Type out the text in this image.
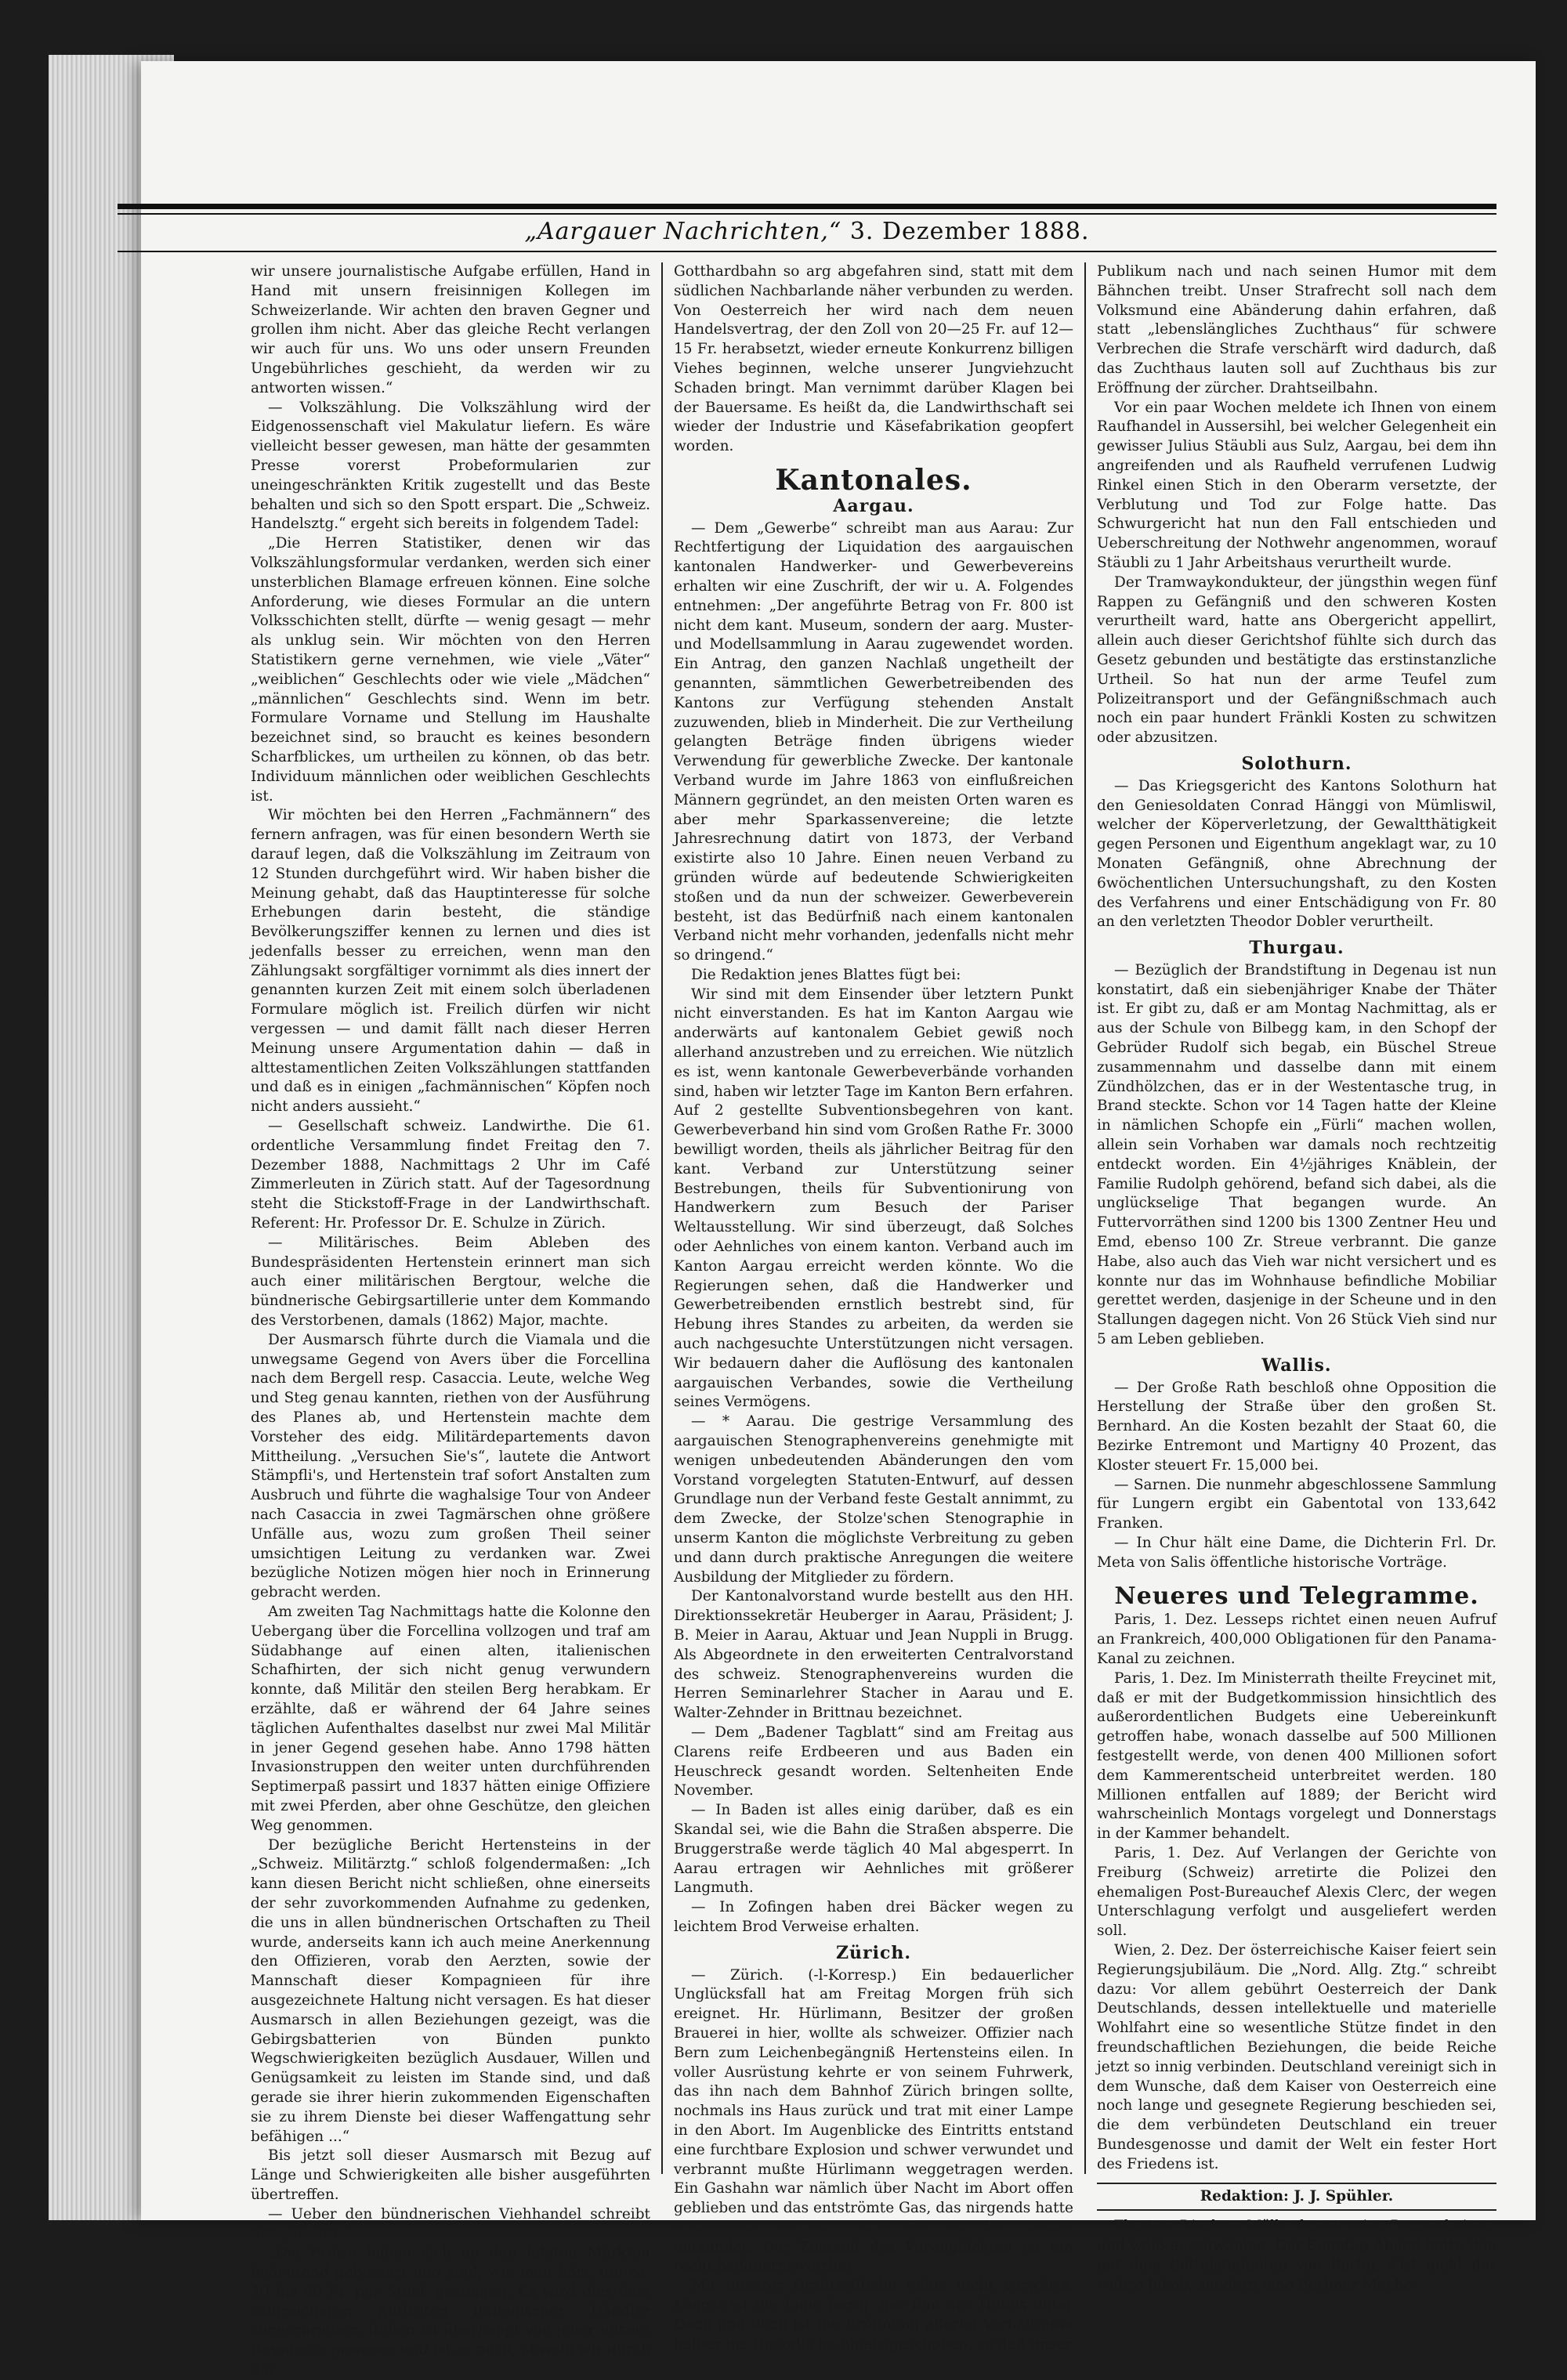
„Aargauer Nachrichten,“ 3. Dezember 1888.

wir unsere journalistische Aufgabe erfüllen, Hand in Hand mit unsern freisinnigen Kollegen im Schweizerlande. Wir achten den braven Gegner und grollen ihm nicht. Aber das gleiche Recht verlangen wir auch für uns. Wo uns oder unsern Freunden Ungebührliches geschieht, da werden wir zu antworten wissen.“

— Volkszählung. Die Volkszählung wird der Eidgenossenschaft viel Makulatur liefern. Es wäre vielleicht besser gewesen, man hätte der gesammten Presse vorerst Probeformularien zur uneingeschränkten Kritik zugestellt und das Beste behalten und sich so den Spott erspart. Die „Schweiz. Handelsztg.“ ergeht sich bereits in folgendem Tadel:

„Die Herren Statistiker, denen wir das Volkszählungsformular verdanken, werden sich einer unsterblichen Blamage erfreuen können. Eine solche Anforderung, wie dieses Formular an die untern Volksschichten stellt, dürfte — wenig gesagt — mehr als unklug sein. Wir möchten von den Herren Statistikern gerne vernehmen, wie viele „Väter“ „weiblichen“ Geschlechts oder wie viele „Mädchen“ „männlichen“ Geschlechts sind. Wenn im betr. Formulare Vorname und Stellung im Haushalte bezeichnet sind, so braucht es keines besondern Scharfblickes, um urtheilen zu können, ob das betr. Individuum männlichen oder weiblichen Geschlechts ist.

Wir möchten bei den Herren „Fachmännern“ des fernern anfragen, was für einen besondern Werth sie darauf legen, daß die Volkszählung im Zeitraum von 12 Stunden durchgeführt wird. Wir haben bisher die Meinung gehabt, daß das Hauptinteresse für solche Erhebungen darin besteht, die ständige Bevölkerungsziffer kennen zu lernen und dies ist jedenfalls besser zu erreichen, wenn man den Zählungsakt sorgfältiger vornimmt als dies innert der genannten kurzen Zeit mit einem solch überladenen Formulare möglich ist. Freilich dürfen wir nicht vergessen — und damit fällt nach dieser Herren Meinung unsere Argumentation dahin — daß in alttestamentlichen Zeiten Volkszählungen stattfanden und daß es in einigen „fachmännischen“ Köpfen noch nicht anders aussieht.“

— Gesellschaft schweiz. Landwirthe. Die 61. ordentliche Versammlung findet Freitag den 7. Dezember 1888, Nachmittags 2 Uhr im Café Zimmerleuten in Zürich statt. Auf der Tagesordnung steht die Stickstoff-Frage in der Landwirthschaft. Referent: Hr. Professor Dr. E. Schulze in Zürich.

— Militärisches. Beim Ableben des Bundespräsidenten Hertenstein erinnert man sich auch einer militärischen Bergtour, welche die bündnerische Gebirgsartillerie unter dem Kommando des Verstorbenen, damals (1862) Major, machte.

Der Ausmarsch führte durch die Viamala und die unwegsame Gegend von Avers über die Forcellina nach dem Bergell resp. Casaccia. Leute, welche Weg und Steg genau kannten, riethen von der Ausführung des Planes ab, und Hertenstein machte dem Vorsteher des eidg. Militärdepartements davon Mittheilung. „Versuchen Sie's“, lautete die Antwort Stämpfli's, und Hertenstein traf sofort Anstalten zum Ausbruch und führte die waghalsige Tour von Andeer nach Casaccia in zwei Tagmärschen ohne größere Unfälle aus, wozu zum großen Theil seiner umsichtigen Leitung zu verdanken war. Zwei bezügliche Notizen mögen hier noch in Erinnerung gebracht werden.

Am zweiten Tag Nachmittags hatte die Kolonne den Uebergang über die Forcellina vollzogen und traf am Südabhange auf einen alten, italienischen Schafhirten, der sich nicht genug verwundern konnte, daß Militär den steilen Berg herabkam. Er erzählte, daß er während der 64 Jahre seines täglichen Aufenthaltes daselbst nur zwei Mal Militär in jener Gegend gesehen habe. Anno 1798 hätten Invasionstruppen den weiter unten durchführenden Septimerpaß passirt und 1837 hätten einige Offiziere mit zwei Pferden, aber ohne Geschütze, den gleichen Weg genommen.

Der bezügliche Bericht Hertensteins in der „Schweiz. Militärztg.“ schloß folgendermaßen: „Ich kann diesen Bericht nicht schließen, ohne einerseits der sehr zuvorkommenden Aufnahme zu gedenken, die uns in allen bündnerischen Ortschaften zu Theil wurde, anderseits kann ich auch meine Anerkennung den Offizieren, vorab den Aerzten, sowie der Mannschaft dieser Kompagnieen für ihre ausgezeichnete Haltung nicht versagen. Es hat dieser Ausmarsch in allen Beziehungen gezeigt, was die Gebirgsbatterien von Bünden punkto Wegschwierigkeiten bezüglich Ausdauer, Willen und Genügsamkeit zu leisten im Stande sind, und daß gerade sie ihrer hierin zukommenden Eigenschaften sie zu ihrem Dienste bei dieser Waffengattung sehr befähigen ...“

Bis jetzt soll dieser Ausmarsch mit Bezug auf Länge und Schwierigkeiten alle bisher ausgeführten übertreffen.

— Ueber den bündnerischen Viehhandel schreibt der „Fr. Rht.“:

„Die Preise haben sich an den letzten Märkten bedeutend gebessert und sind, wie man hört, um ca. 40 bis 60 Fr. per Stück gestiegen. Es wird dies dem zahlreicheren Auftreten italienischer Händler zugeschrieben. Italien ist überhaupt von jeher unsere Ressource gewesen und ist es noch, obwohl wir durch die

Gotthardbahn so arg abgefahren sind, statt mit dem südlichen Nachbarlande näher verbunden zu werden. Von Oesterreich her wird nach dem neuen Handelsvertrag, der den Zoll von 20—25 Fr. auf 12—15 Fr. herabsetzt, wieder erneute Konkurrenz billigen Viehes beginnen, welche unserer Jungviehzucht Schaden bringt. Man vernimmt darüber Klagen bei der Bauersame. Es heißt da, die Landwirthschaft sei wieder der Industrie und Käsefabrikation geopfert worden.

Kantonales.
Aargau.

— Dem „Gewerbe“ schreibt man aus Aarau: Zur Rechtfertigung der Liquidation des aargauischen kantonalen Handwerker- und Gewerbevereins erhalten wir eine Zuschrift, der wir u. A. Folgendes entnehmen: „Der angeführte Betrag von Fr. 800 ist nicht dem kant. Museum, sondern der aarg. Muster- und Modellsammlung in Aarau zugewendet worden. Ein Antrag, den ganzen Nachlaß ungetheilt der genannten, sämmtlichen Gewerbetreibenden des Kantons zur Verfügung stehenden Anstalt zuzuwenden, blieb in Minderheit. Die zur Vertheilung gelangten Beträge finden übrigens wieder Verwendung für gewerbliche Zwecke. Der kantonale Verband wurde im Jahre 1863 von einflußreichen Männern gegründet, an den meisten Orten waren es aber mehr Sparkassenvereine; die letzte Jahresrechnung datirt von 1873, der Verband existirte also 10 Jahre. Einen neuen Verband zu gründen würde auf bedeutende Schwierigkeiten stoßen und da nun der schweizer. Gewerbeverein besteht, ist das Bedürfniß nach einem kantonalen Verband nicht mehr vorhanden, jedenfalls nicht mehr so dringend.“

Die Redaktion jenes Blattes fügt bei:

Wir sind mit dem Einsender über letztern Punkt nicht einverstanden. Es hat im Kanton Aargau wie anderwärts auf kantonalem Gebiet gewiß noch allerhand anzustreben und zu erreichen. Wie nützlich es ist, wenn kantonale Gewerbeverbände vorhanden sind, haben wir letzter Tage im Kanton Bern erfahren. Auf 2 gestellte Subventionsbegehren von kant. Gewerbeverband hin sind vom Großen Rathe Fr. 3000 bewilligt worden, theils als jährlicher Beitrag für den kant. Verband zur Unterstützung seiner Bestrebungen, theils für Subventionirung von Handwerkern zum Besuch der Pariser Weltausstellung. Wir sind überzeugt, daß Solches oder Aehnliches von einem kanton. Verband auch im Kanton Aargau erreicht werden könnte. Wo die Regierungen sehen, daß die Handwerker und Gewerbetreibenden ernstlich bestrebt sind, für Hebung ihres Standes zu arbeiten, da werden sie auch nachgesuchte Unterstützungen nicht versagen. Wir bedauern daher die Auflösung des kantonalen aargauischen Verbandes, sowie die Vertheilung seines Vermögens.

— * Aarau. Die gestrige Versammlung des aargauischen Stenographenvereins genehmigte mit wenigen unbedeutenden Abänderungen den vom Vorstand vorgelegten Statuten-Entwurf, auf dessen Grundlage nun der Verband feste Gestalt annimmt, zu dem Zwecke, der Stolze'schen Stenographie in unserm Kanton die möglichste Verbreitung zu geben und dann durch praktische Anregungen die weitere Ausbildung der Mitglieder zu fördern.

Der Kantonalvorstand wurde bestellt aus den HH. Direktionssekretär Heuberger in Aarau, Präsident; J. B. Meier in Aarau, Aktuar und Jean Nuppli in Brugg. Als Abgeordnete in den erweiterten Centralvorstand des schweiz. Stenographenvereins wurden die Herren Seminarlehrer Stacher in Aarau und E. Walter-Zehnder in Brittnau bezeichnet.

— Dem „Badener Tagblatt“ sind am Freitag aus Clarens reife Erdbeeren und aus Baden ein Heuschreck gesandt worden. Seltenheiten Ende November.

— In Baden ist alles einig darüber, daß es ein Skandal sei, wie die Bahn die Straßen absperre. Die Bruggerstraße werde täglich 40 Mal abgesperrt. In Aarau ertragen wir Aehnliches mit größerer Langmuth.

— In Zofingen haben drei Bäcker wegen zu leichtem Brod Verweise erhalten.

Zürich.

— Zürich. (-l-Korresp.) Ein bedauerlicher Unglücksfall hat am Freitag Morgen früh sich ereignet. Hr. Hürlimann, Besitzer der großen Brauerei in hier, wollte als schweizer. Offizier nach Bern zum Leichenbegängniß Hertensteins eilen. In voller Ausrüstung kehrte er von seinem Fuhrwerk, das ihn nach dem Bahnhof Zürich bringen sollte, nochmals ins Haus zurück und trat mit einer Lampe in den Abort. Im Augenblicke des Eintritts entstand eine furchtbare Explosion und schwer verwundet und verbrannt mußte Hürlimann weggetragen werden. Ein Gashahn war nämlich über Nacht im Abort offen geblieben und das entströmte Gas, das nirgends hatte entweichen können, hatte sich an der Lampe entzündet. Der Zustand des Verunglückten ist ein recht bedauernswerther.

Mit unserer Drahtseilbahn gehts nicht vorwärts. Längst ist die Linie fertig, der Bau des Hotels unter Dach und doch ist die Eröffnung allerlei Verhältnisse halber ins Unendliche hinausgeschoben, so daß unser

Publikum nach und nach seinen Humor mit dem Bähnchen treibt. Unser Strafrecht soll nach dem Volksmund eine Abänderung dahin erfahren, daß statt „lebenslängliches Zuchthaus“ für schwere Verbrechen die Strafe verschärft wird dadurch, daß das Zuchthaus lauten soll auf Zuchthaus bis zur Eröffnung der zürcher. Drahtseilbahn.

Vor ein paar Wochen meldete ich Ihnen von einem Raufhandel in Aussersihl, bei welcher Gelegenheit ein gewisser Julius Stäubli aus Sulz, Aargau, bei dem ihn angreifenden und als Raufheld verrufenen Ludwig Rinkel einen Stich in den Oberarm versetzte, der Verblutung und Tod zur Folge hatte. Das Schwurgericht hat nun den Fall entschieden und Ueberschreitung der Nothwehr angenommen, worauf Stäubli zu 1 Jahr Arbeitshaus verurtheilt wurde.

Der Tramwaykondukteur, der jüngsthin wegen fünf Rappen zu Gefängniß und den schweren Kosten verurtheilt ward, hatte ans Obergericht appellirt, allein auch dieser Gerichtshof fühlte sich durch das Gesetz gebunden und bestätigte das erstinstanzliche Urtheil. So hat nun der arme Teufel zum Polizeitransport und der Gefängnißschmach auch noch ein paar hundert Fränkli Kosten zu schwitzen oder abzusitzen.

Solothurn.

— Das Kriegsgericht des Kantons Solothurn hat den Geniesoldaten Conrad Hänggi von Mümliswil, welcher der Köperverletzung, der Gewaltthätigkeit gegen Personen und Eigenthum angeklagt war, zu 10 Monaten Gefängniß, ohne Abrechnung der 6wöchentlichen Untersuchungshaft, zu den Kosten des Verfahrens und einer Entschädigung von Fr. 80 an den verletzten Theodor Dobler verurtheilt.

Thurgau.

— Bezüglich der Brandstiftung in Degenau ist nun konstatirt, daß ein siebenjähriger Knabe der Thäter ist. Er gibt zu, daß er am Montag Nachmittag, als er aus der Schule von Bilbegg kam, in den Schopf der Gebrüder Rudolf sich begab, ein Büschel Streue zusammennahm und dasselbe dann mit einem Zündhölzchen, das er in der Westentasche trug, in Brand steckte. Schon vor 14 Tagen hatte der Kleine in nämlichen Schopfe ein „Fürli“ machen wollen, allein sein Vorhaben war damals noch rechtzeitig entdeckt worden. Ein 4½jähriges Knäblein, der Familie Rudolph gehörend, befand sich dabei, als die unglückselige That begangen wurde. An Futtervorräthen sind 1200 bis 1300 Zentner Heu und Emd, ebenso 100 Zr. Streue verbrannt. Die ganze Habe, also auch das Vieh war nicht versichert und es konnte nur das im Wohnhause befindliche Mobiliar gerettet werden, dasjenige in der Scheune und in den Stallungen dagegen nicht. Von 26 Stück Vieh sind nur 5 am Leben geblieben.

Wallis.

— Der Große Rath beschloß ohne Opposition die Herstellung der Straße über den großen St. Bernhard. An die Kosten bezahlt der Staat 60, die Bezirke Entremont und Martigny 40 Prozent, das Kloster steuert Fr. 15,000 bei.

— Sarnen. Die nunmehr abgeschlossene Sammlung für Lungern ergibt ein Gabentotal von 133,642 Franken.

— In Chur hält eine Dame, die Dichterin Frl. Dr. Meta von Salis öffentliche historische Vorträge.

Neueres und Telegramme.

Paris, 1. Dez. Lesseps richtet einen neuen Aufruf an Frankreich, 400,000 Obligationen für den Panama-Kanal zu zeichnen.

Paris, 1. Dez. Im Ministerrath theilte Freycinet mit, daß er mit der Budgetkommission hinsichtlich des außerordentlichen Budgets eine Uebereinkunft getroffen habe, wonach dasselbe auf 500 Millionen festgestellt werde, von denen 400 Millionen sofort dem Kammerentscheid unterbreitet werden. 180 Millionen entfallen auf 1889; der Bericht wird wahrscheinlich Montags vorgelegt und Donnerstags in der Kammer behandelt.

Paris, 1. Dez. Auf Verlangen der Gerichte von Freiburg (Schweiz) arretirte die Polizei den ehemaligen Post-Bureauchef Alexis Clerc, der wegen Unterschlagung verfolgt und ausgeliefert werden soll.

Wien, 2. Dez. Der österreichische Kaiser feiert sein Regierungsjubiläum. Die „Nord. Allg. Ztg.“ schreibt dazu: Vor allem gebührt Oesterreich der Dank Deutschlands, dessen intellektuelle und materielle Wohlfahrt eine so wesentliche Stütze findet in den freundschaftlichen Beziehungen, die beide Reiche jetzt so innig verbinden. Deutschland vereinigt sich in dem Wunsche, daß dem Kaiser von Oesterreich eine noch lange und gesegnete Regierung beschieden sei, die dem verbündeten Deutschland ein treuer Bundesgenosse und damit der Welt ein fester Hort des Friedens ist.

Redaktion: J. J. Spühler.

Theater. Direktor Möller kennt seine Pappenheimer und weiß auszuwählen. Der Sonntag Abend hatte ihm mit dem Bettelstudenten von Berlin, s'ist nicht der wahre Jakob, sondern eine Berliner Mache
